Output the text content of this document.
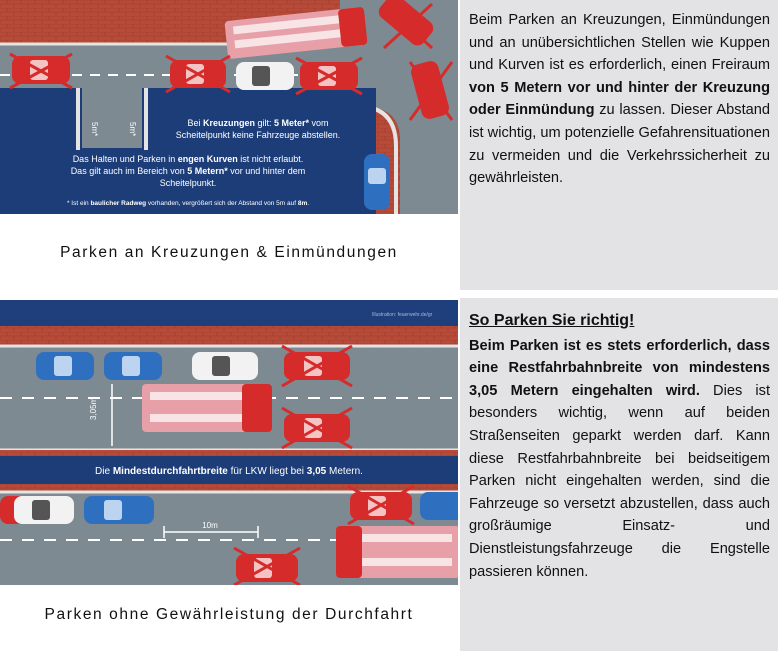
5m*	5m*	Bei Kreuzungen gilt: 5 Meter* vom
Scheitelpunkt keine Fahrzeuge abstellen.
Das Halten und Parken in engen Kurven ist nicht erlaubt.
Das gilt auch im Bereich von 5 Metern* vor und hinter dem
Scheitelpunkt.
* Ist ein baulicher Radweg vorhanden, vergrößert sich der Abstand von 5m auf 8m.
Parken an Kreuzungen & Einmündungen
Beim Parken an Kreuzungen, Einmündungen und an unübersichtlichen Stellen wie Kuppen und Kurven ist es erforderlich, einen Freiraum von 5 Metern vor und hinter der Kreuzung oder Einmündung zu lassen. Dieser Abstand ist wichtig, um potenzielle Gefahrensituationen zu vermeiden und die Verkehrssicherheit zu gewährleisten.
Illustration: feuerwehr.de/gr
Die Mindestdurchfahrtbreite für LKW liegt bei 3,05 Metern.
3,05m
10m
Parken ohne Gewährleistung der Durchfahrt
So Parken Sie richtig!
Beim Parken ist es stets erforderlich, dass eine Restfahrbahnbreite von mindestens 3,05 Metern eingehalten wird. Dies ist besonders wichtig, wenn auf beiden Straßenseiten geparkt werden darf. Kann diese Restfahrbahnbreite bei beidseitigem Parken nicht eingehalten werden, sind die Fahrzeuge so versetzt abzustellen, dass auch großräumige Einsatz- und Dienstleistungsfahrzeuge die Engstelle passieren können.
